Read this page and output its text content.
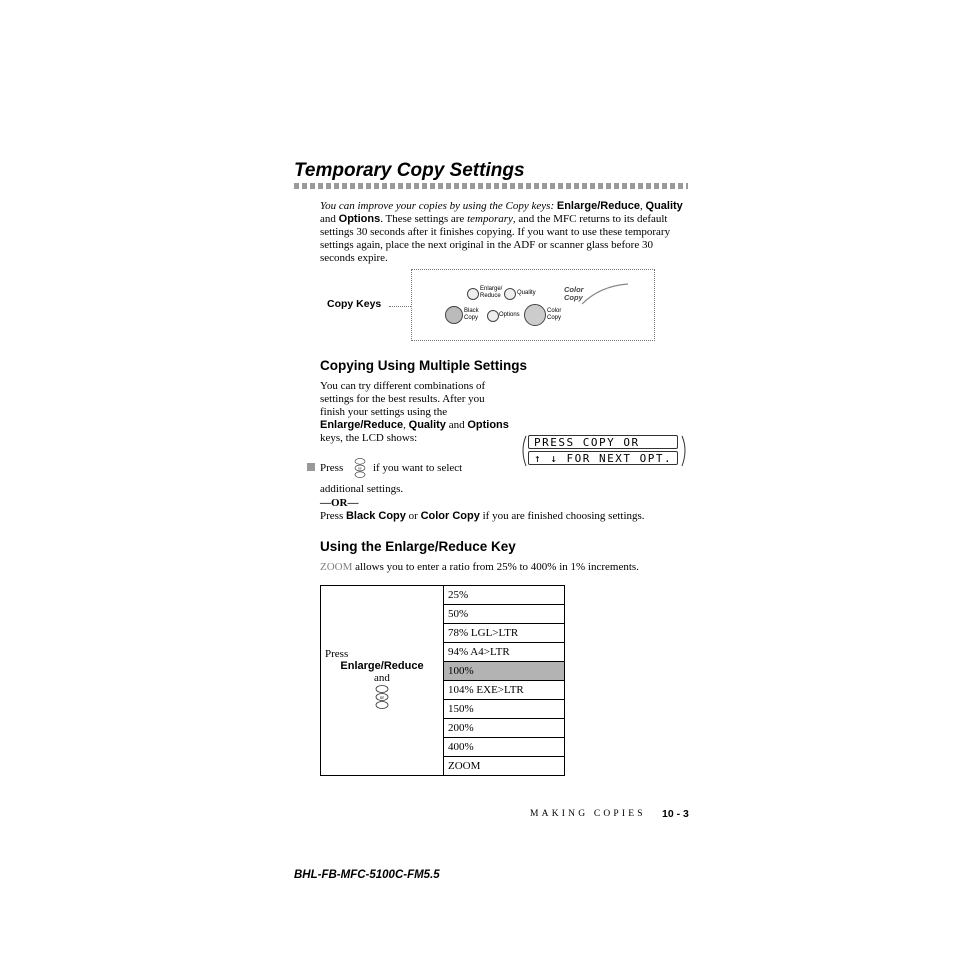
Temporary Copy Settings
You can improve your copies by using the Copy keys: Enlarge/Reduce, Quality and Options. These settings are temporary, and the MFC returns to its default settings 30 seconds after it finishes copying. If you want to use these temporary settings again, place the next original in the ADF or scanner glass before 30 seconds expire.
Copy Keys
Enlarge/ Reduce	Quality	Color Copy
Black Copy	Options
Color Copy
Copying Using Multiple Settings
You can try different combinations of settings for the best results. After you finish your settings using the Enlarge/Reduce, Quality and Options keys, the LCD shows:	PRESS COPY OR
↑ ↓ FOR NEXT OPT.
Press	or if you want to select
additional settings.
—OR—
Press Black Copy or Color Copy if you are finished choosing settings.
Using the Enlarge/Reduce Key
ZOOM allows you to enter a ratio from 25% to 400% in 1% increments.
Press
Enlarge/Reduce
and
or
	25%
50%
78% LGL>LTR
94% A4>LTR
100%
104% EXE>LTR
150%
200%
400%
ZOOM
MAKING COPIES 10 - 3
BHL-FB-MFC-5100C-FM5.5
